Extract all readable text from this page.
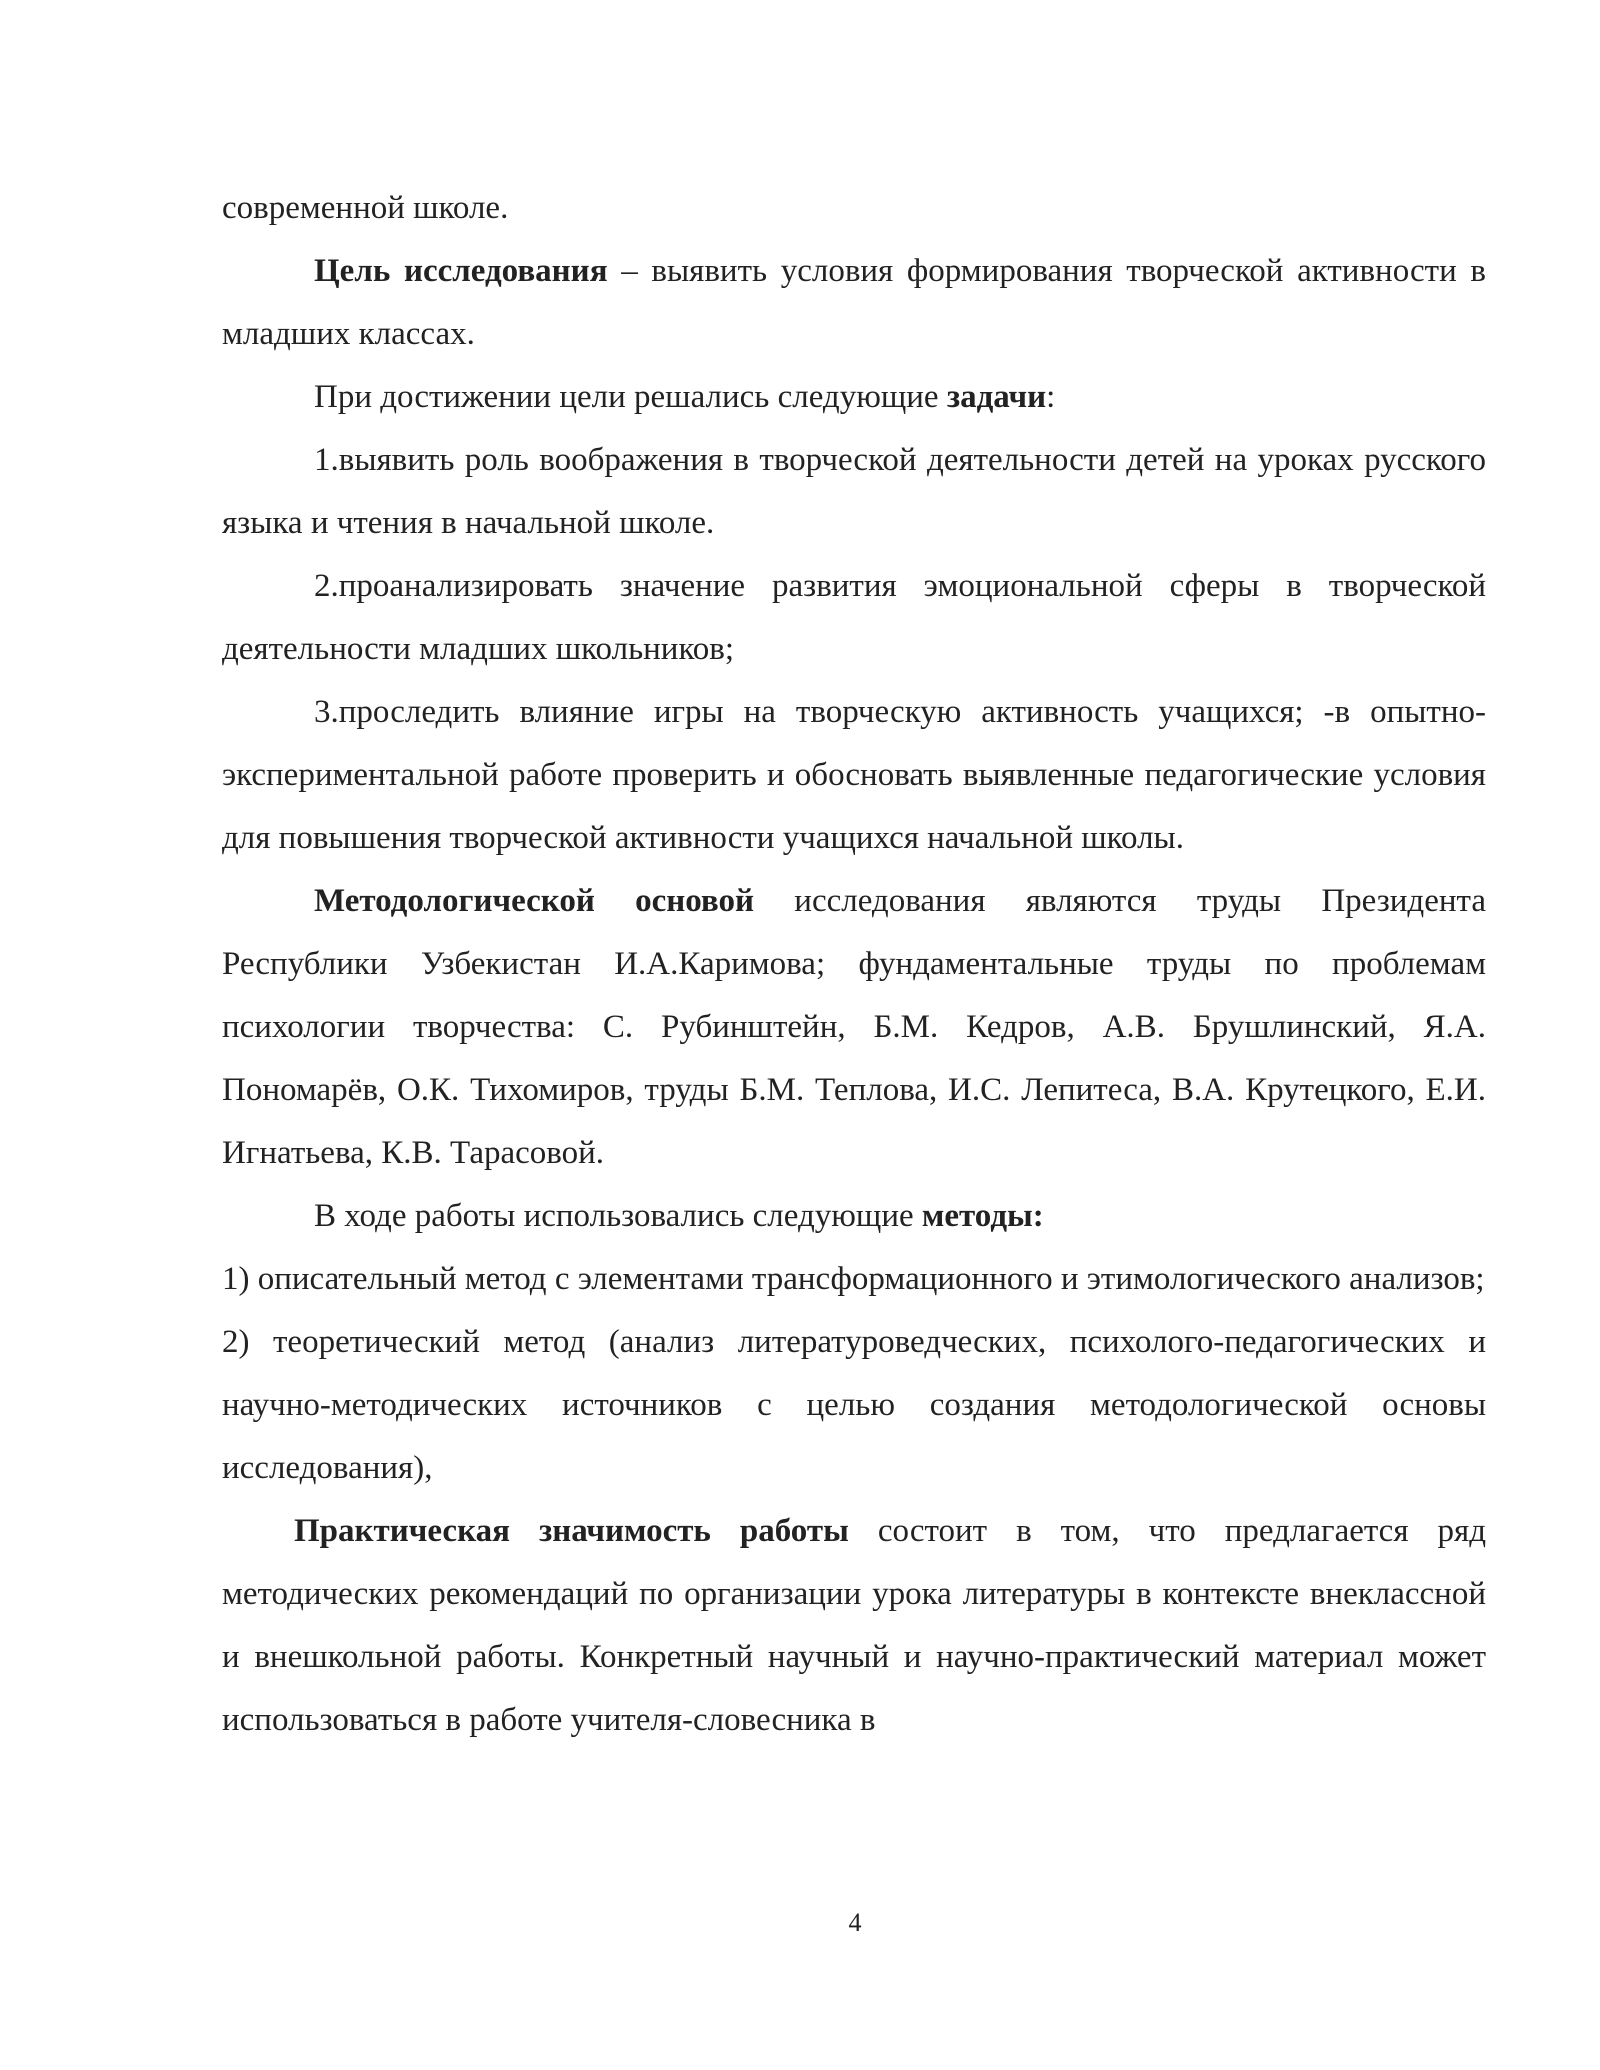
современной школе.

Цель исследования – выявить условия формирования творческой активности в младших классах.

При достижении цели решались следующие задачи:

1.выявить роль воображения в творческой деятельности детей на уроках русского языка и чтения в начальной школе.

2.проанализировать значение развития эмоциональной сферы в творческой деятельности младших школьников;

3.проследить влияние игры на творческую активность учащихся; -в опытно-экспериментальной работе проверить и обосновать выявленные педагогические условия для повышения творческой активности учащихся начальной школы.

Методологической основой исследования являются труды Президента Республики Узбекистан И.А.Каримова; фундаментальные труды по проблемам психологии творчества: С. Рубинштейн, Б.М. Кедров, А.В. Брушлинский, Я.А. Пономарёв, О.К. Тихомиров, труды Б.М. Теплова, И.С. Лепитеса, В.А. Крутецкого, Е.И. Игнатьева, К.В. Тарасовой.

В ходе работы использовались следующие методы:

1) описательный метод с элементами трансформационного и этимологического анализов;

2) теоретический метод (анализ литературоведческих, психолого-педагогических и научно-методических источников с целью создания методологической основы исследования),

Практическая значимость работы состоит в том, что предлагается ряд методических рекомендаций по организации урока литературы в контексте внеклассной и внешкольной работы. Конкретный научный и научно-практический материал может использоваться в работе учителя-словесника в

4
